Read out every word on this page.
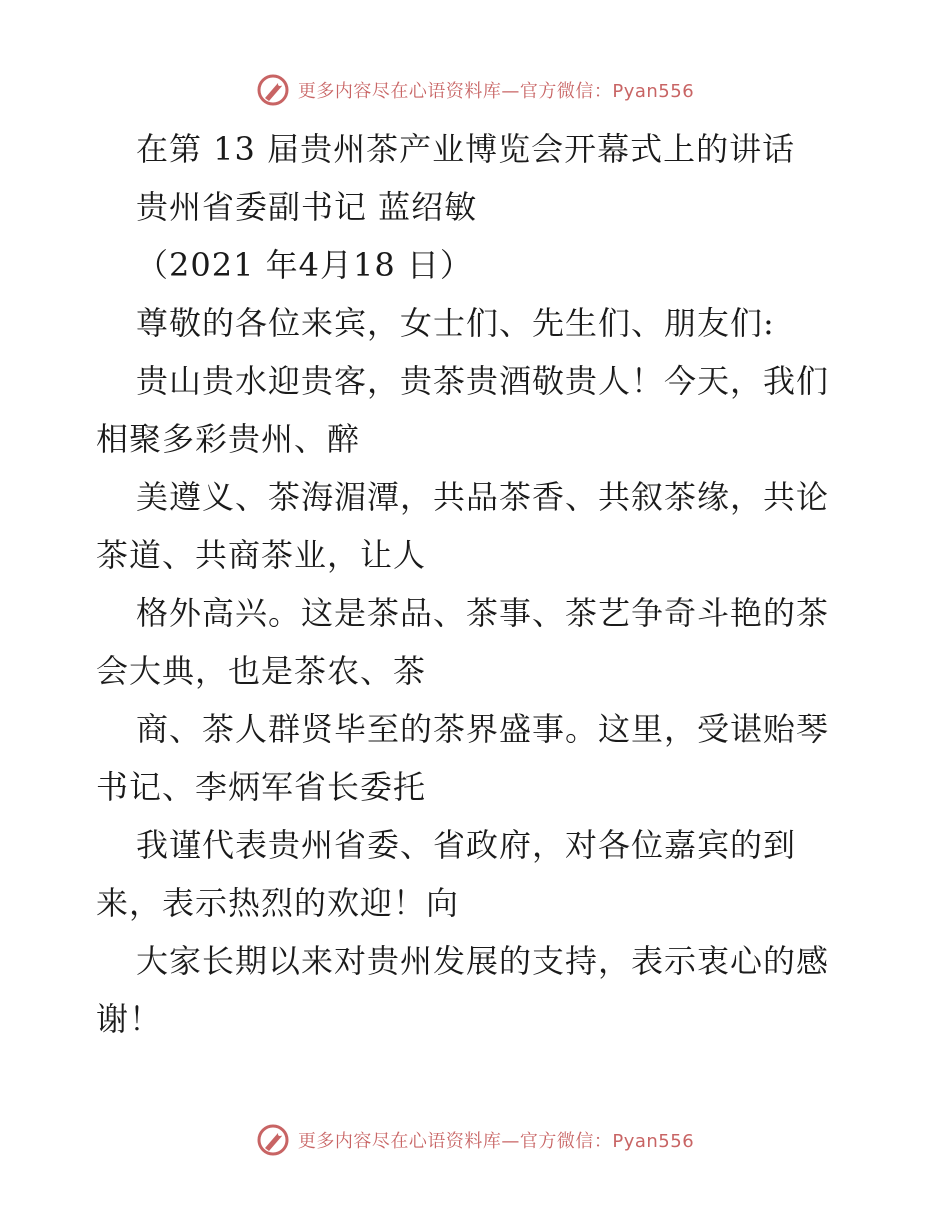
更多内容尽在心语资料库—官方微信：Pyan556
在第 13 届贵州茶产业博览会开幕式上的讲话
贵州省委副书记 蓝绍敏
（2021 年4月18 日）
尊敬的各位来宾，女士们、先生们、朋友们:
贵山贵水迎贵客，贵茶贵酒敬贵人！今天，我们
相聚多彩贵州、醉
美遵义、茶海湄潭，共品茶香、共叙茶缘，共论
茶道、共商茶业，让人
格外高兴。这是茶品、茶事、茶艺争奇斗艳的茶
会大典，也是茶农、茶
商、茶人群贤毕至的茶界盛事。这里，受谌贻琴
书记、李炳军省长委托
我谨代表贵州省委、省政府，对各位嘉宾的到
来，表示热烈的欢迎！向
大家长期以来对贵州发展的支持，表示衷心的感
谢！
更多内容尽在心语资料库—官方微信：Pyan556
